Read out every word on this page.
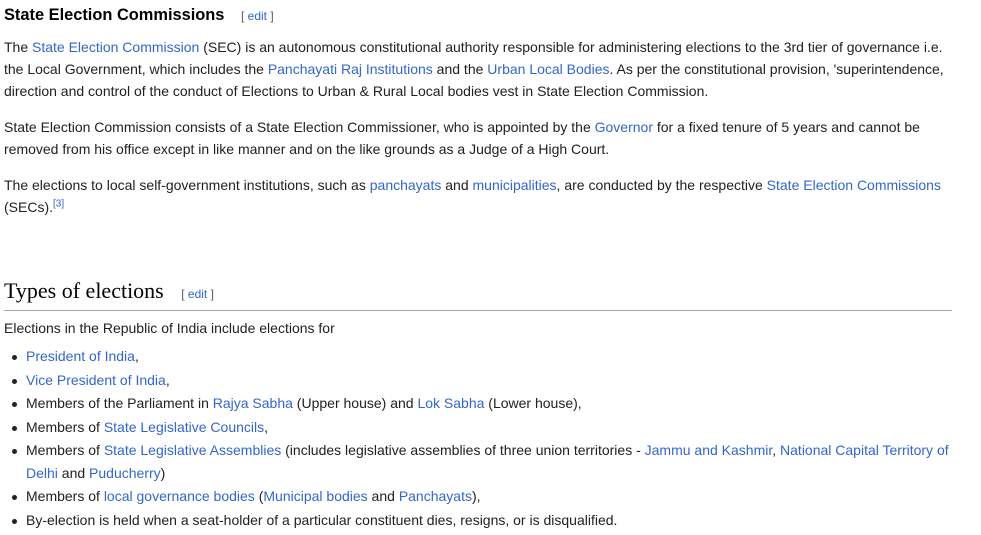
State Election Commissions [ edit ]

The State Election Commission (SEC) is an autonomous constitutional authority responsible for administering elections to the 3rd tier of governance i.e. the Local Government, which includes the Panchayati Raj Institutions and the Urban Local Bodies. As per the constitutional provision, 'superintendence, direction and control of the conduct of Elections to Urban & Rural Local bodies vest in State Election Commission.

State Election Commission consists of a State Election Commissioner, who is appointed by the Governor for a fixed tenure of 5 years and cannot be removed from his office except in like manner and on the like grounds as a Judge of a High Court.

The elections to local self-government institutions, such as panchayats and municipalities, are conducted by the respective State Election Commissions (SECs).[3]

Types of elections [ edit ]

Elections in the Republic of India include elections for

President of India,
Vice President of India,
Members of the Parliament in Rajya Sabha (Upper house) and Lok Sabha (Lower house),
Members of State Legislative Councils,
Members of State Legislative Assemblies (includes legislative assemblies of three union territories - Jammu and Kashmir, National Capital Territory of Delhi and Puducherry)
Members of local governance bodies (Municipal bodies and Panchayats),
By-election is held when a seat-holder of a particular constituent dies, resigns, or is disqualified.
